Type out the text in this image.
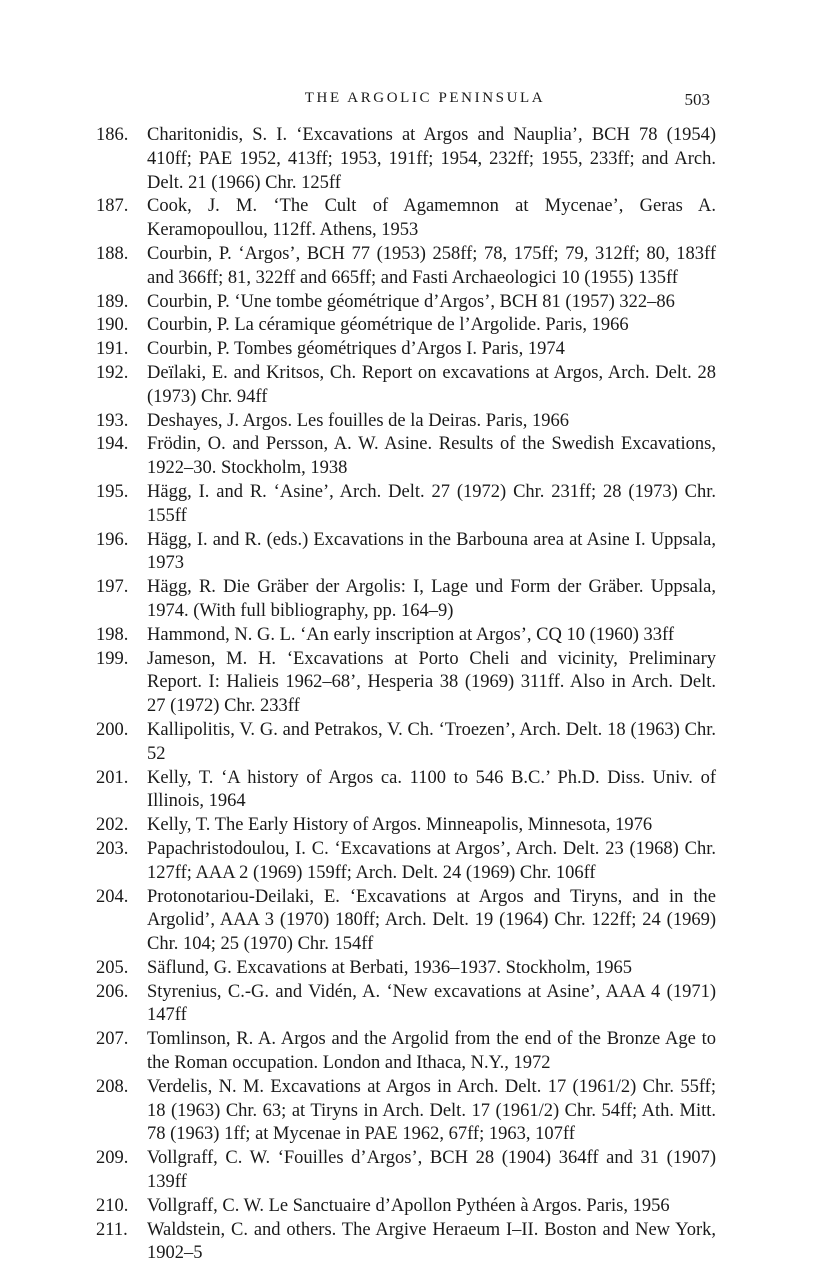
THE ARGOLIC PENINSULA	503
186. Charitonidis, S. I. ‘Excavations at Argos and Nauplia’, BCH 78 (1954) 410ff; PAE 1952, 413ff; 1953, 191ff; 1954, 232ff; 1955, 233ff; and Arch. Delt. 21 (1966) Chr. 125ff
187. Cook, J. M. ‘The Cult of Agamemnon at Mycenae’, Geras A. Keramopoullou, 112ff. Athens, 1953
188. Courbin, P. ‘Argos’, BCH 77 (1953) 258ff; 78, 175ff; 79, 312ff; 80, 183ff and 366ff; 81, 322ff and 665ff; and Fasti Archaeologici 10 (1955) 135ff
189. Courbin, P. ‘Une tombe géométrique d’Argos’, BCH 81 (1957) 322–86
190. Courbin, P. La céramique géométrique de l’Argolide. Paris, 1966
191. Courbin, P. Tombes géométriques d’Argos I. Paris, 1974
192. Deïlaki, E. and Kritsos, Ch. Report on excavations at Argos, Arch. Delt. 28 (1973) Chr. 94ff
193. Deshayes, J. Argos. Les fouilles de la Deiras. Paris, 1966
194. Frödin, O. and Persson, A. W. Asine. Results of the Swedish Excavations, 1922–30. Stockholm, 1938
195. Hägg, I. and R. ‘Asine’, Arch. Delt. 27 (1972) Chr. 231ff; 28 (1973) Chr. 155ff
196. Hägg, I. and R. (eds.) Excavations in the Barbouna area at Asine I. Uppsala, 1973
197. Hägg, R. Die Gräber der Argolis: I, Lage und Form der Gräber. Uppsala, 1974. (With full bibliography, pp. 164–9)
198. Hammond, N. G. L. ‘An early inscription at Argos’, CQ 10 (1960) 33ff
199. Jameson, M. H. ‘Excavations at Porto Cheli and vicinity, Preliminary Report. I: Halieis 1962–68’, Hesperia 38 (1969) 311ff. Also in Arch. Delt. 27 (1972) Chr. 233ff
200. Kallipolitis, V. G. and Petrakos, V. Ch. ‘Troezen’, Arch. Delt. 18 (1963) Chr. 52
201. Kelly, T. ‘A history of Argos ca. 1100 to 546 B.C.’ Ph.D. Diss. Univ. of Illinois, 1964
202. Kelly, T. The Early History of Argos. Minneapolis, Minnesota, 1976
203. Papachristodoulou, I. C. ‘Excavations at Argos’, Arch. Delt. 23 (1968) Chr. 127ff; AAA 2 (1969) 159ff; Arch. Delt. 24 (1969) Chr. 106ff
204. Protonotariou-Deilaki, E. ‘Excavations at Argos and Tiryns, and in the Argolid’, AAA 3 (1970) 180ff; Arch. Delt. 19 (1964) Chr. 122ff; 24 (1969) Chr. 104; 25 (1970) Chr. 154ff
205. Säflund, G. Excavations at Berbati, 1936–1937. Stockholm, 1965
206. Styrenius, C.-G. and Vidén, A. ‘New excavations at Asine’, AAA 4 (1971) 147ff
207. Tomlinson, R. A. Argos and the Argolid from the end of the Bronze Age to the Roman occupation. London and Ithaca, N.Y., 1972
208. Verdelis, N. M. Excavations at Argos in Arch. Delt. 17 (1961/2) Chr. 55ff; 18 (1963) Chr. 63; at Tiryns in Arch. Delt. 17 (1961/2) Chr. 54ff; Ath. Mitt. 78 (1963) 1ff; at Mycenae in PAE 1962, 67ff; 1963, 107ff
209. Vollgraff, C. W. ‘Fouilles d’Argos’, BCH 28 (1904) 364ff and 31 (1907) 139ff
210. Vollgraff, C. W. Le Sanctuaire d’Apollon Pythéen à Argos. Paris, 1956
211. Waldstein, C. and others. The Argive Heraeum I–II. Boston and New York, 1902–5
